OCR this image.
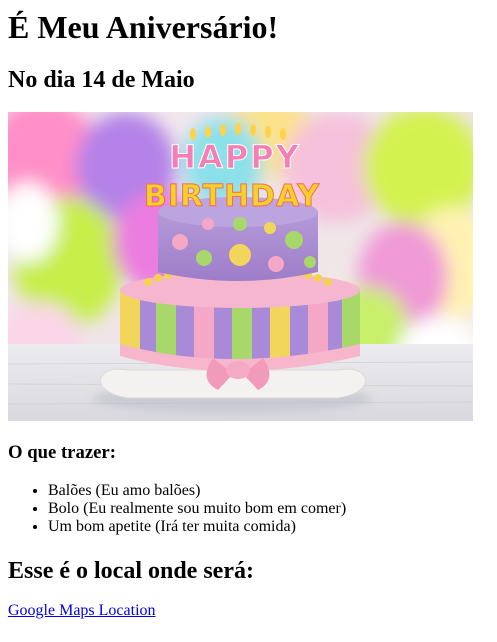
É Meu Aniversário!
No dia 14 de Maio
HAPPY
BIRTHDAY
O que trazer:
• Balões (Eu amo balões)
• Bolo (Eu realmente sou muito bom em comer)
• Um bom apetite (Irá ter muita comida)
Esse é o local onde será:
Google Maps Location
